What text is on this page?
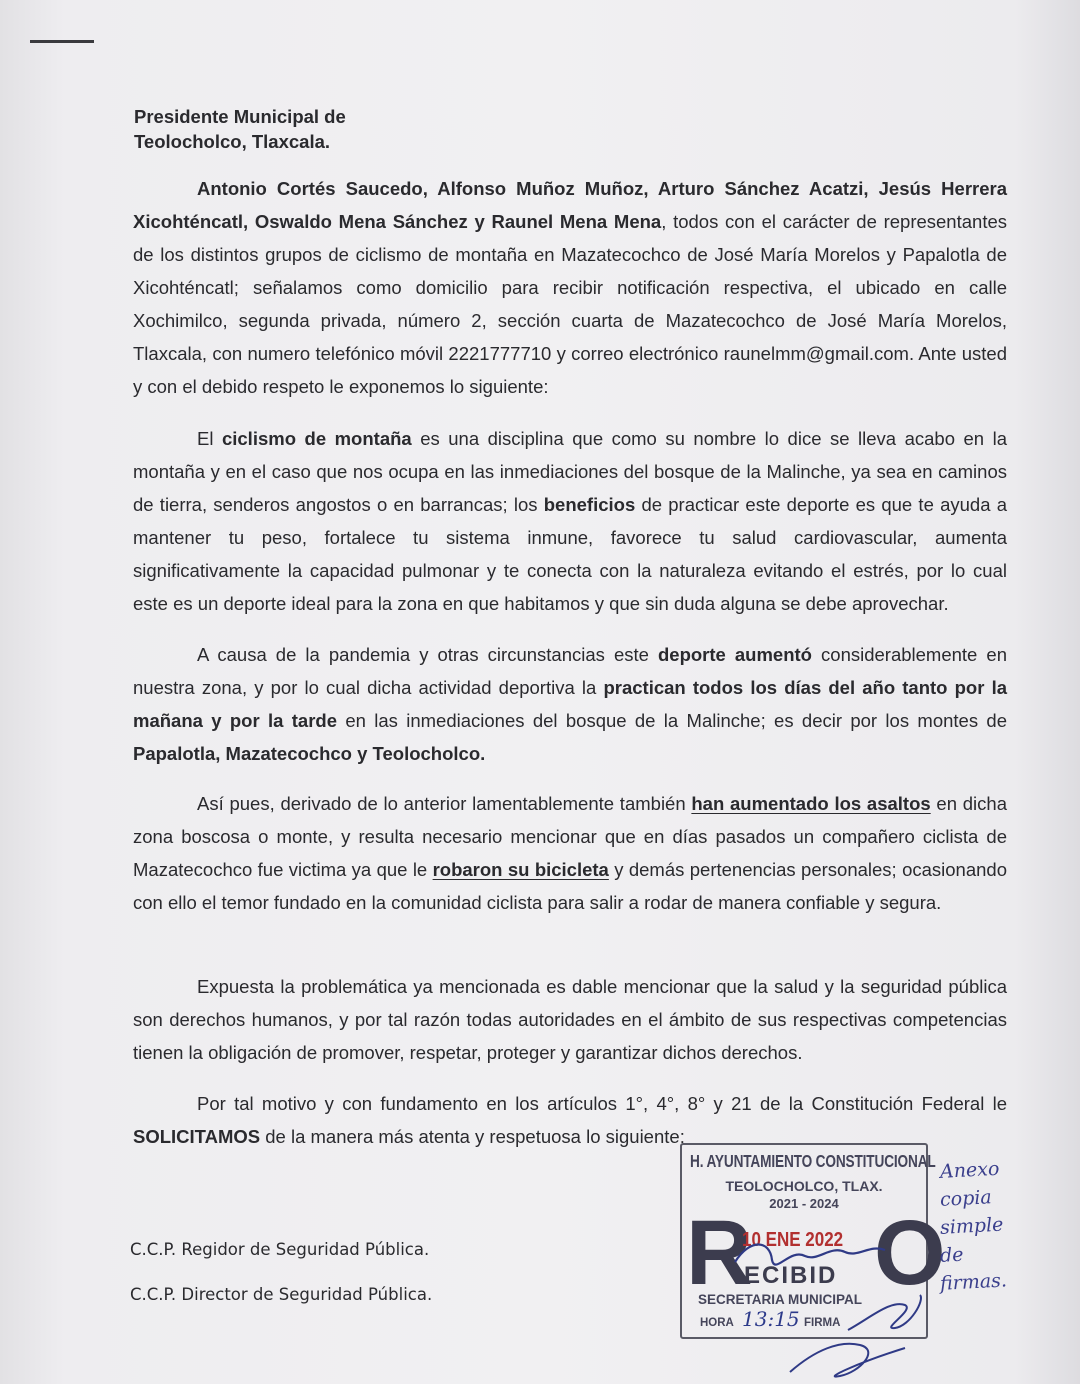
Presidente Municipal de
Teolocholco, Tlaxcala.

Antonio Cortés Saucedo, Alfonso Muñoz Muñoz, Arturo Sánchez Acatzi, Jesús Herrera Xicohténcatl, Oswaldo Mena Sánchez y Raunel Mena Mena, todos con el carácter de representantes de los distintos grupos de ciclismo de montaña en Mazatecochco de José María Morelos y Papalotla de Xicohténcatl; señalamos como domicilio para recibir notificación respectiva, el ubicado en calle Xochimilco, segunda privada, número 2, sección cuarta de Mazatecochco de José María Morelos, Tlaxcala, con numero telefónico móvil 2221777710 y correo electrónico raunelmm@gmail.com. Ante usted y con el debido respeto le exponemos lo siguiente:

El ciclismo de montaña es una disciplina que como su nombre lo dice se lleva acabo en la montaña y en el caso que nos ocupa en las inmediaciones del bosque de la Malinche, ya sea en caminos de tierra, senderos angostos o en barrancas; los beneficios de practicar este deporte es que te ayuda a mantener tu peso, fortalece tu sistema inmune, favorece tu salud cardiovascular, aumenta significativamente la capacidad pulmonar y te conecta con la naturaleza evitando el estrés, por lo cual este es un deporte ideal para la zona en que habitamos y que sin duda alguna se debe aprovechar.

A causa de la pandemia y otras circunstancias este deporte aumentó considerablemente en nuestra zona, y por lo cual dicha actividad deportiva la practican todos los días del año tanto por la mañana y por la tarde en las inmediaciones del bosque de la Malinche; es decir por los montes de Papalotla, Mazatecochco y Teolocholco.

Así pues, derivado de lo anterior lamentablemente también han aumentado los asaltos en dicha zona boscosa o monte, y resulta necesario mencionar que en días pasados un compañero ciclista de Mazatecochco fue victima ya que le robaron su bicicleta y demás pertenencias personales; ocasionando con ello el temor fundado en la comunidad ciclista para salir a rodar de manera confiable y segura.

Expuesta la problemática ya mencionada es dable mencionar que la salud y la seguridad pública son derechos humanos, y por tal razón todas autoridades en el ámbito de sus respectivas competencias tienen la obligación de promover, respetar, proteger y garantizar dichos derechos.

Por tal motivo y con fundamento en los artículos 1°, 4°, 8° y 21 de la Constitución Federal le SOLICITAMOS de la manera más atenta y respetuosa lo siguiente:

C.C.P. Regidor de Seguridad Pública.
C.C.P. Director de Seguridad Pública.
H. AYUNTAMIENTO CONSTITUCIONAL
TEOLOCHOLCO, TLAX.
2021 - 2024
R O
10 ENE 2022
ECIBID
SECRETARIA MUNICIPAL
HORA 13:15 FIRMA
Anexo
copia
simple
de
firmas.
